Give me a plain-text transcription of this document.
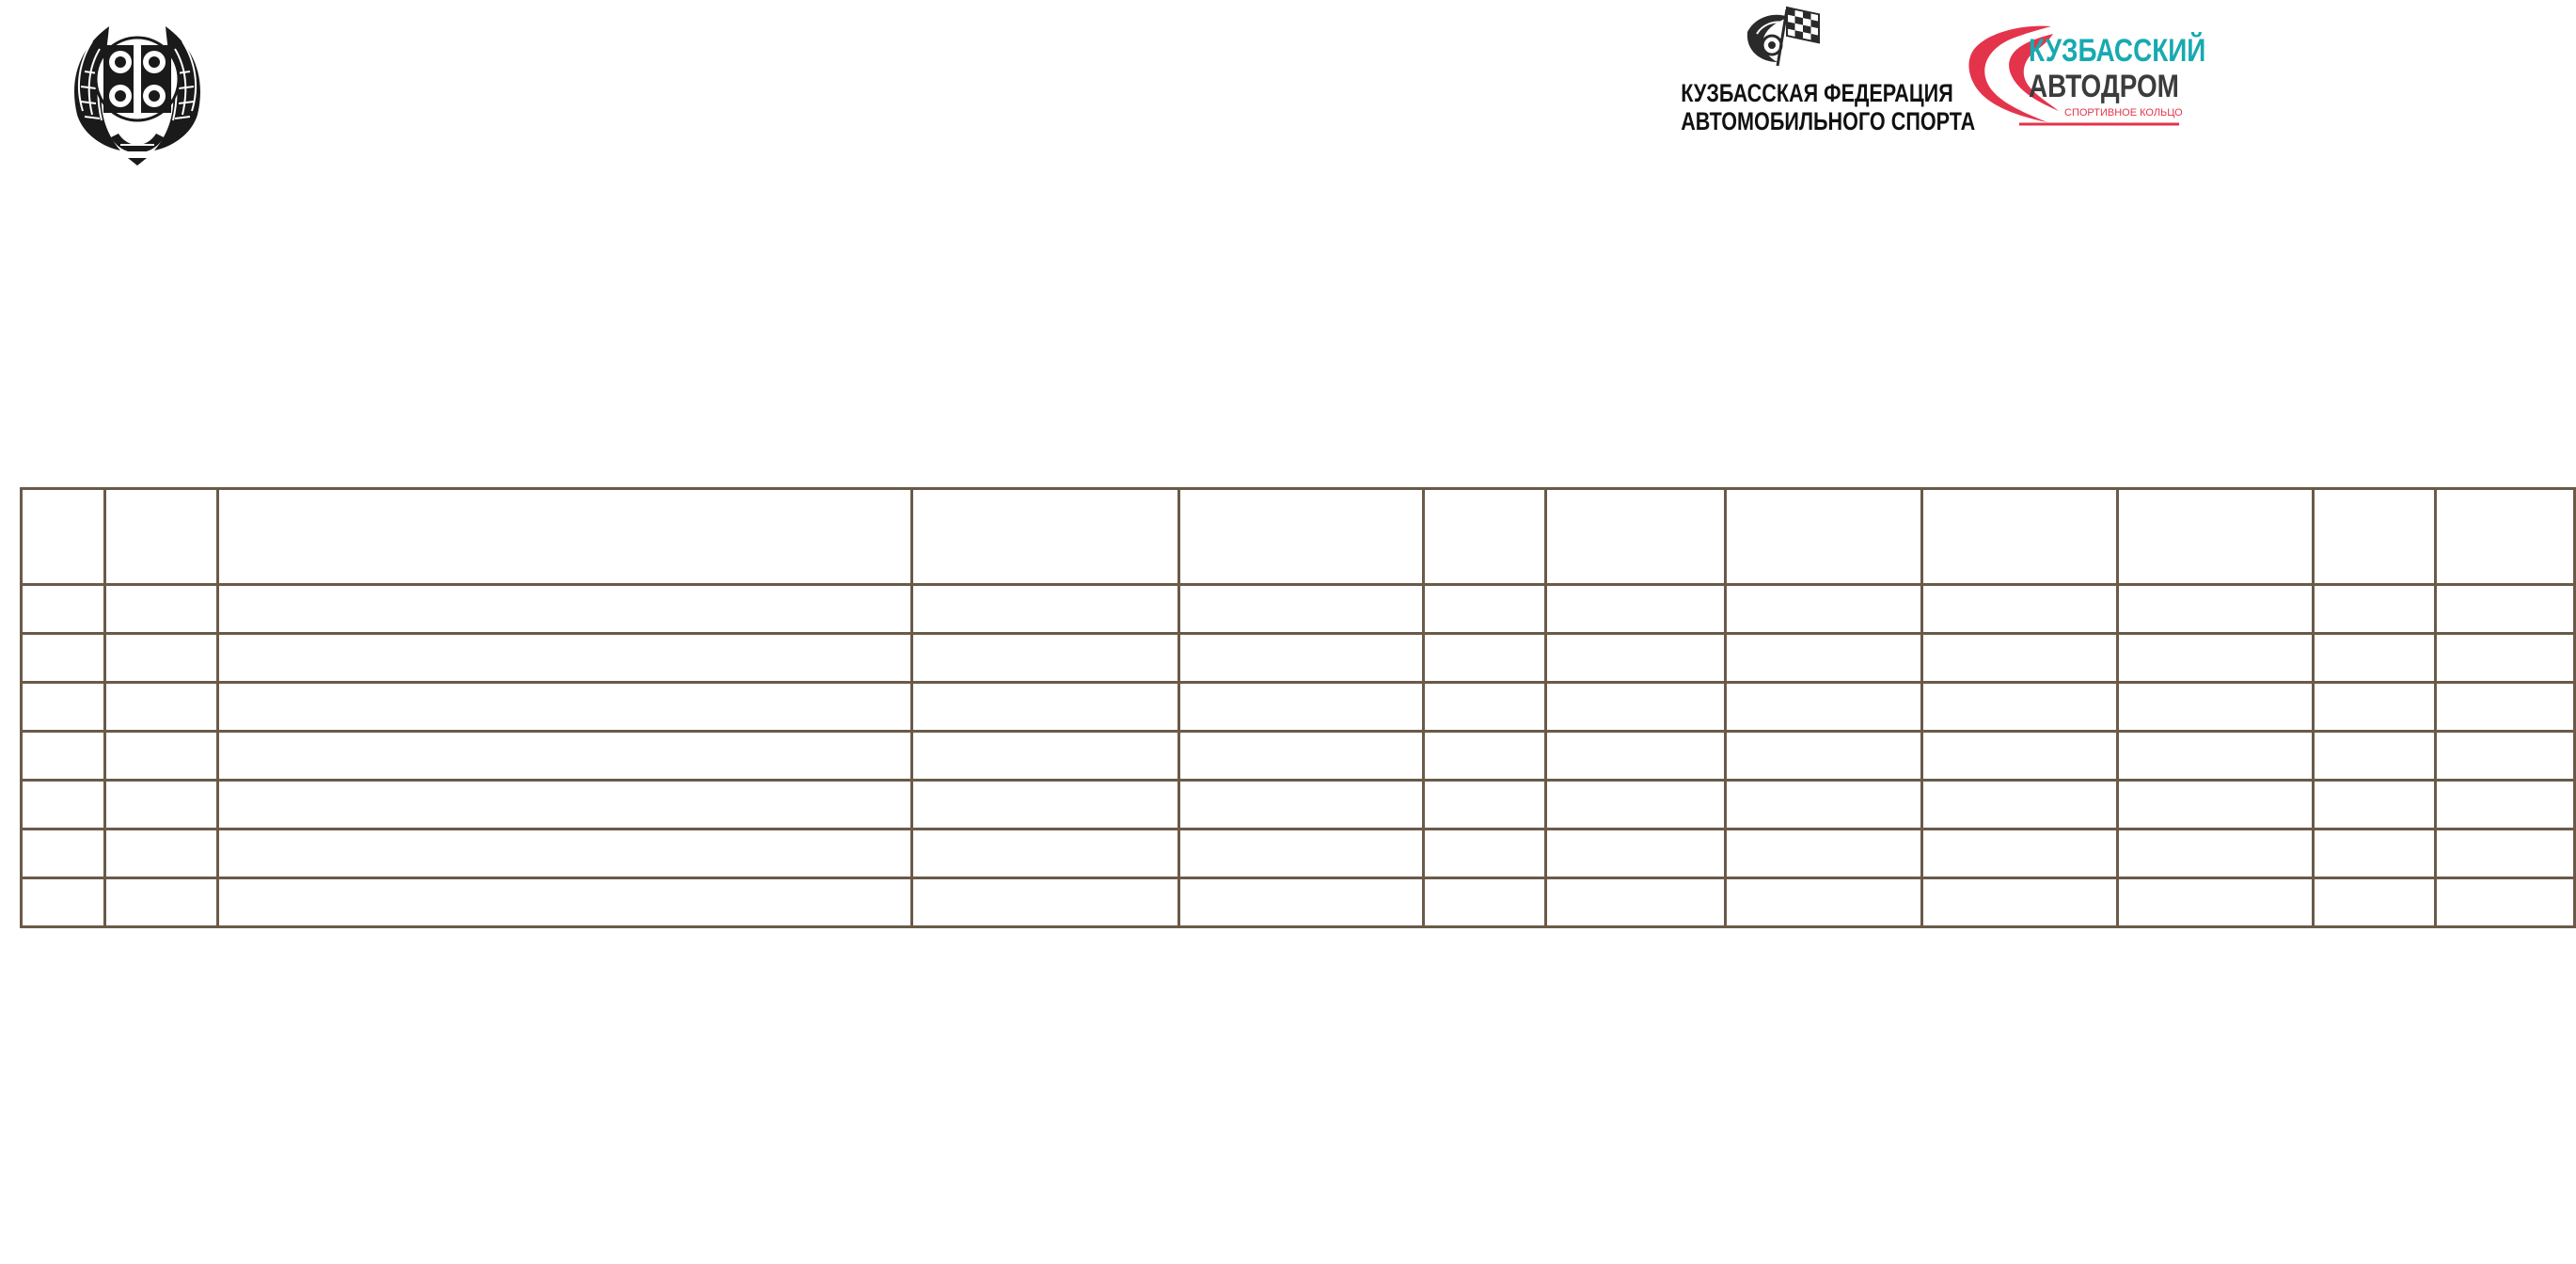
КУЗБАССКАЯ ФЕДЕРАЦИЯ
АВТОМОБИЛЬНОГО СПОРТА
КУЗБАССКИЙ
АВТОДРОМ
СПОРТИВНОЕ КОЛЬЦО
